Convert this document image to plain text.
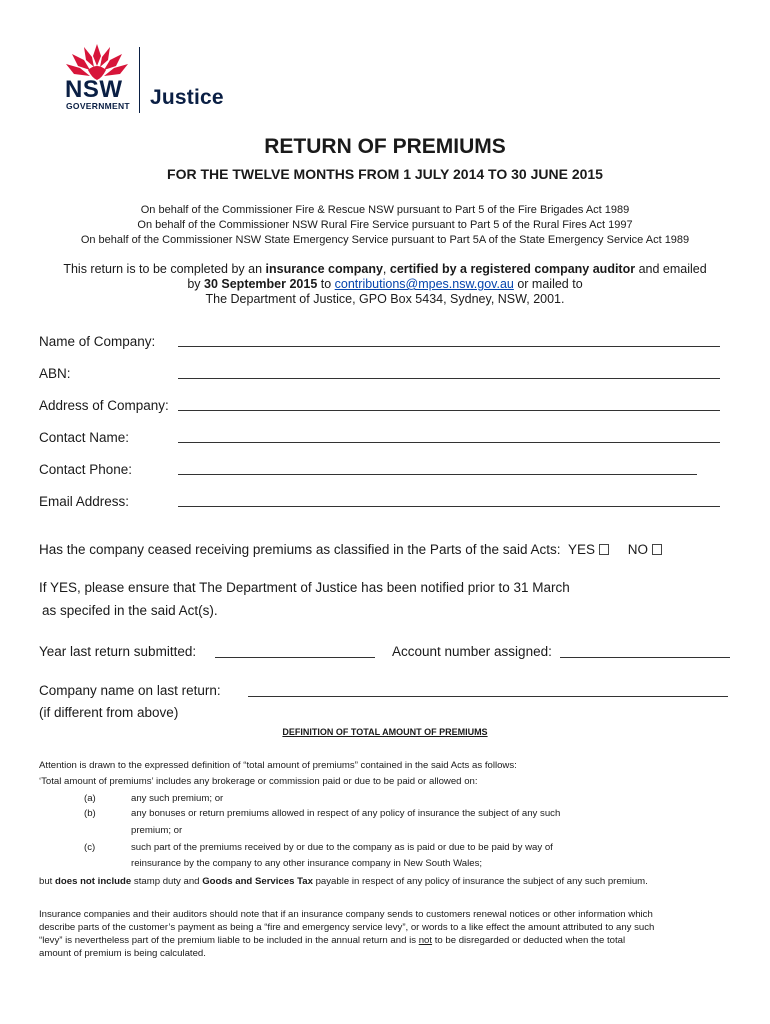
NSW
GOVERNMENT Justice
RETURN OF PREMIUMS
FOR THE TWELVE MONTHS FROM 1 JULY 2014 TO 30 JUNE 2015
On behalf of the Commissioner Fire & Rescue NSW pursuant to Part 5 of the Fire Brigades Act 1989
On behalf of the Commissioner NSW Rural Fire Service pursuant to Part 5 of the Rural Fires Act 1997
On behalf of the Commissioner NSW State Emergency Service pursuant to Part 5A of the State Emergency Service Act 1989
This return is to be completed by an insurance company, certified by a registered company auditor and emailed
by 30 September 2015 to contributions@mpes.nsw.gov.au or mailed to
The Department of Justice, GPO Box 5434, Sydney, NSW, 2001.
Name of Company:
ABN:
Address of Company:
Contact Name:
Contact Phone:
Email Address:
Has the company ceased receiving premiums as classified in the Parts of the said Acts: YES NO
If YES, please ensure that The Department of Justice has been notified prior to 31 March
as specifed in the said Act(s).
Year last return submitted:	Account number assigned:
Company name on last return:
(if different from above)
DEFINITION OF TOTAL AMOUNT OF PREMIUMS
Attention is drawn to the expressed definition of “total amount of premiums” contained in the said Acts as follows:
‘Total amount of premiums’ includes any brokerage or commission paid or due to be paid or allowed on:
(a)	any such premium; or
(b)	any bonuses or return premiums allowed in respect of any policy of insurance the subject of any such
premium; or
(c)	such part of the premiums received by or due to the company as is paid or due to be paid by way of
reinsurance by the company to any other insurance company in New South Wales;
but does not include stamp duty and Goods and Services Tax payable in respect of any policy of insurance the subject of any such premium.
Insurance companies and their auditors should note that if an insurance company sends to customers renewal notices or other information which
describe parts of the customer’s payment as being a “fire and emergency service levy”, or words to a like effect the amount attributed to any such
“levy” is nevertheless part of the premium liable to be included in the annual return and is not to be disregarded or deducted when the total
amount of premium is being calculated.
